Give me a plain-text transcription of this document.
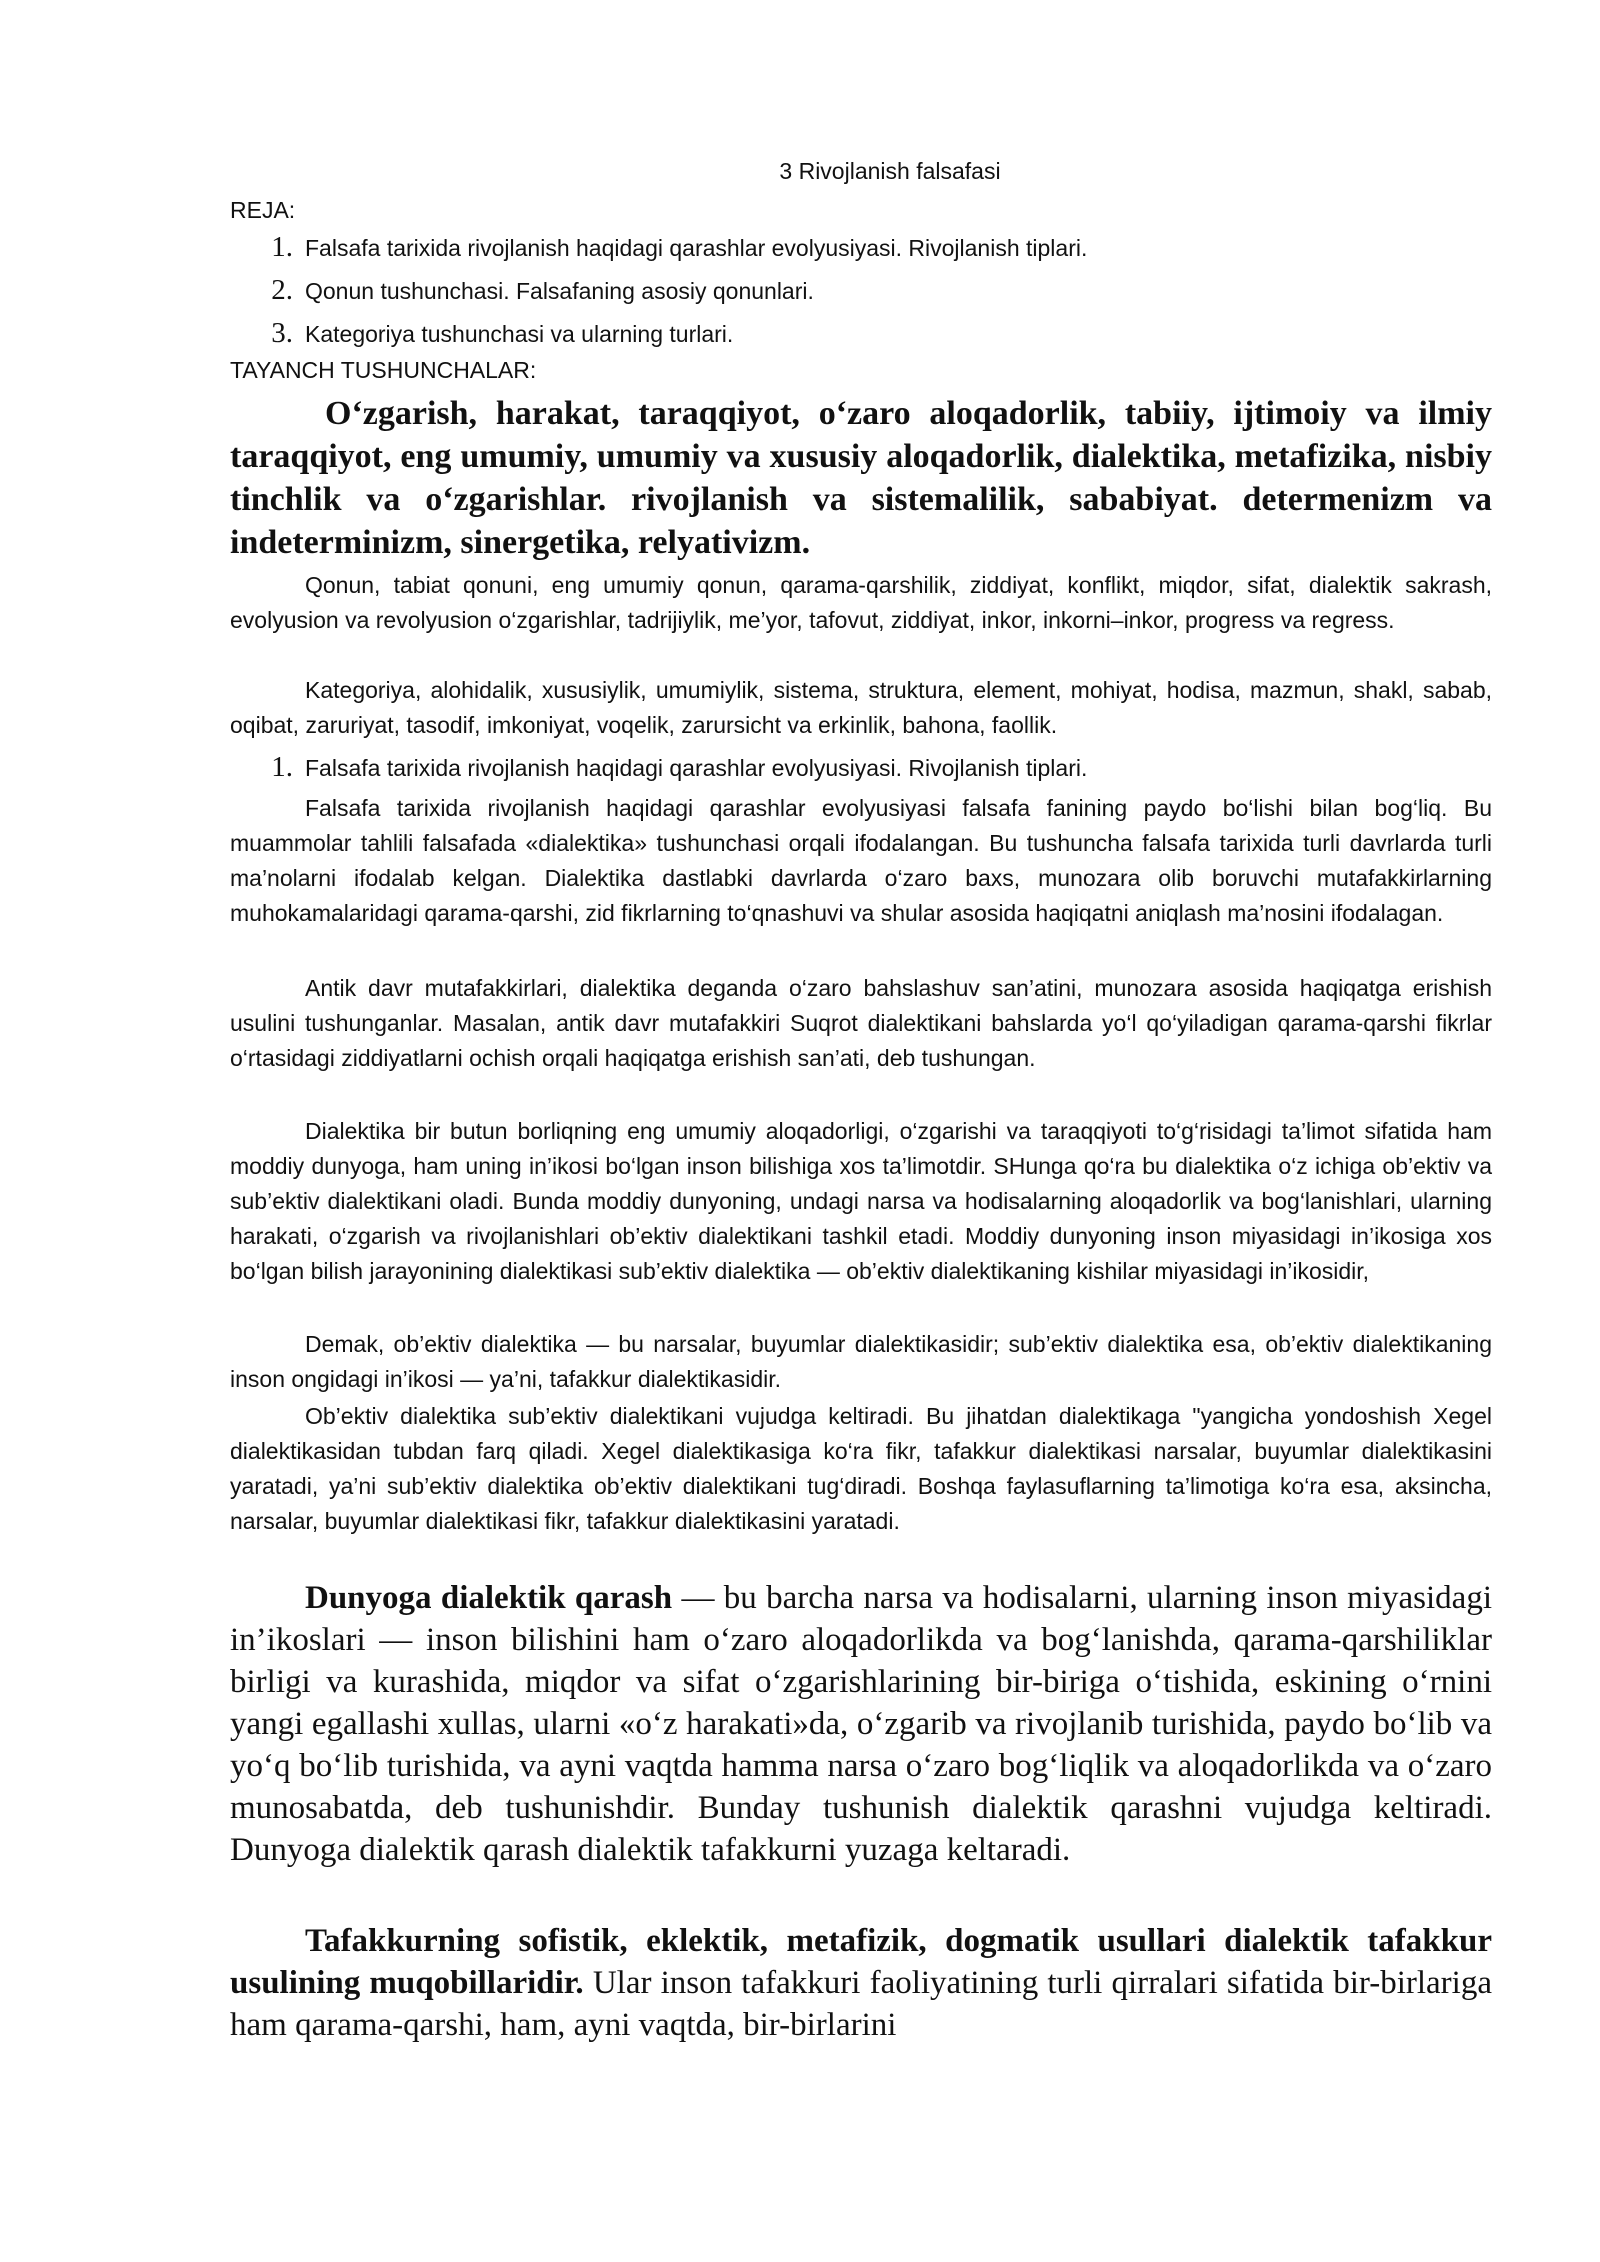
3 Rivojlanish falsafasi
REJA:
1. Falsafa tarixida rivojlanish haqidagi qarashlar evolyusiyasi. Rivojlanish tiplari.
2. Qonun tushunchasi. Falsafaning asosiy qonunlari.
3. Kategoriya tushunchasi va ularning turlari.
TAYANCH TUSHUNCHALAR:
O‘zgarish, harakat, taraqqiyot, o‘zaro aloqadorlik, tabiiy, ijtimoiy va ilmiy taraqqiyot, eng umumiy, umumiy va xususiy aloqadorlik, dialektika, metafizika, nisbiy tinchlik va o‘zgarishlar. rivojlanish va sistemalilik, sababiyat. determenizm va indeterminizm, sinergetika, relyativizm.
Qonun, tabiat qonuni, eng umumiy qonun, qarama-qarshilik, ziddiyat, konflikt, miqdor, sifat, dialektik sakrash, evolyusion va revolyusion o‘zgarishlar, tadrijiylik, me’yor, tafovut, ziddiyat, inkor, inkorni–inkor, progress va regress.
Kategoriya, alohidalik, xususiylik, umumiylik, sistema, struktura, element, mohiyat, hodisa, mazmun, shakl, sabab, oqibat, zaruriyat, tasodif, imkoniyat, voqelik, zarursicht va erkinlik, bahona, faollik.
1. Falsafa tarixida rivojlanish haqidagi qarashlar evolyusiyasi. Rivojlanish tiplari.
Falsafa tarixida rivojlanish haqidagi qarashlar evolyusiyasi falsafa fanining paydo bo‘lishi bilan bog‘liq. Bu muammolar tahlili falsafada «dialektika» tushunchasi orqali ifodalangan. Bu tushuncha falsafa tarixida turli davrlarda turli ma’nolarni ifodalab kelgan. Dialektika dastlabki davrlarda o‘zaro baxs, munozara olib boruvchi mutafakkirlarning muhokamalaridagi qarama-qarshi, zid fikrlarning to‘qnashuvi va shular asosida haqiqatni aniqlash ma’nosini ifodalagan.
Antik davr mutafakkirlari, dialektika deganda o‘zaro bahslashuv san’atini, munozara asosida haqiqatga erishish usulini tushunganlar. Masalan, antik davr mutafakkiri Suqrot dialektikani bahslarda yo‘l qo‘yiladigan qarama-qarshi fikrlar o‘rtasidagi ziddiyatlarni ochish orqali haqiqatga erishish san’ati, deb tushungan.
Dialektika bir butun borliqning eng umumiy aloqadorligi, o‘zgarishi va taraqqiyoti to‘g‘risidagi ta’limot sifatida ham moddiy dunyoga, ham uning in’ikosi bo‘lgan inson bilishiga xos ta’limotdir. SHunga qo‘ra bu dialektika o‘z ichiga ob’ektiv va sub’ektiv dialektikani oladi. Bunda moddiy dunyoning, undagi narsa va hodisalarning aloqadorlik va bog‘lanishlari, ularning harakati, o‘zgarish va rivojlanishlari ob’ektiv dialektikani tashkil etadi. Moddiy dunyoning inson miyasidagi in’ikosiga xos bo‘lgan bilish jarayonining dialektikasi sub’ektiv dialektika — ob’ektiv dialektikaning kishilar miyasidagi in’ikosidir,
Demak, ob’ektiv dialektika — bu narsalar, buyumlar dialektikasidir; sub’ektiv dialektika esa, ob’ektiv dialektikaning inson ongidagi in’ikosi — ya’ni, tafakkur dialektikasidir.
Ob’ektiv dialektika sub’ektiv dialektikani vujudga keltiradi. Bu jihatdan dialektikaga "yangicha yondoshish Xegel dialektikasidan tubdan farq qiladi. Xegel dialektikasiga ko‘ra fikr, tafakkur dialektikasi narsalar, buyumlar dialektikasini yaratadi, ya’ni sub’ektiv dialektika ob’ektiv dialektikani tug‘diradi. Boshqa faylasuflarning ta’limotiga ko‘ra esa, aksincha, narsalar, buyumlar dialektikasi fikr, tafakkur dialektikasini yaratadi.
Dunyoga dialektik qarash — bu barcha narsa va hodisalarni, ularning inson miyasidagi in’ikoslari — inson bilishini ham o‘zaro aloqadorlikda va bog‘lanishda, qarama-qarshiliklar birligi va kurashida, miqdor va sifat o‘zgarishlarining bir-biriga o‘tishida, eskining o‘rnini yangi egallashi xullas, ularni «o‘z harakati»da, o‘zgarib va rivojlanib turishida, paydo bo‘lib va yo‘q bo‘lib turishida, va ayni vaqtda hamma narsa o‘zaro bog‘liqlik va aloqadorlikda va o‘zaro munosabatda, deb tushunishdir. Bunday tushunish dialektik qarashni vujudga keltiradi. Dunyoga dialektik qarash dialektik tafakkurni yuzaga keltaradi.
Tafakkurning sofistik, eklektik, metafizik, dogmatik usullari dialektik tafakkur usulining muqobillaridir. Ular inson tafakkuri faoliyatining turli qirralari sifatida bir-birlariga ham qarama-qarshi, ham, ayni vaqtda, bir-birlarini
